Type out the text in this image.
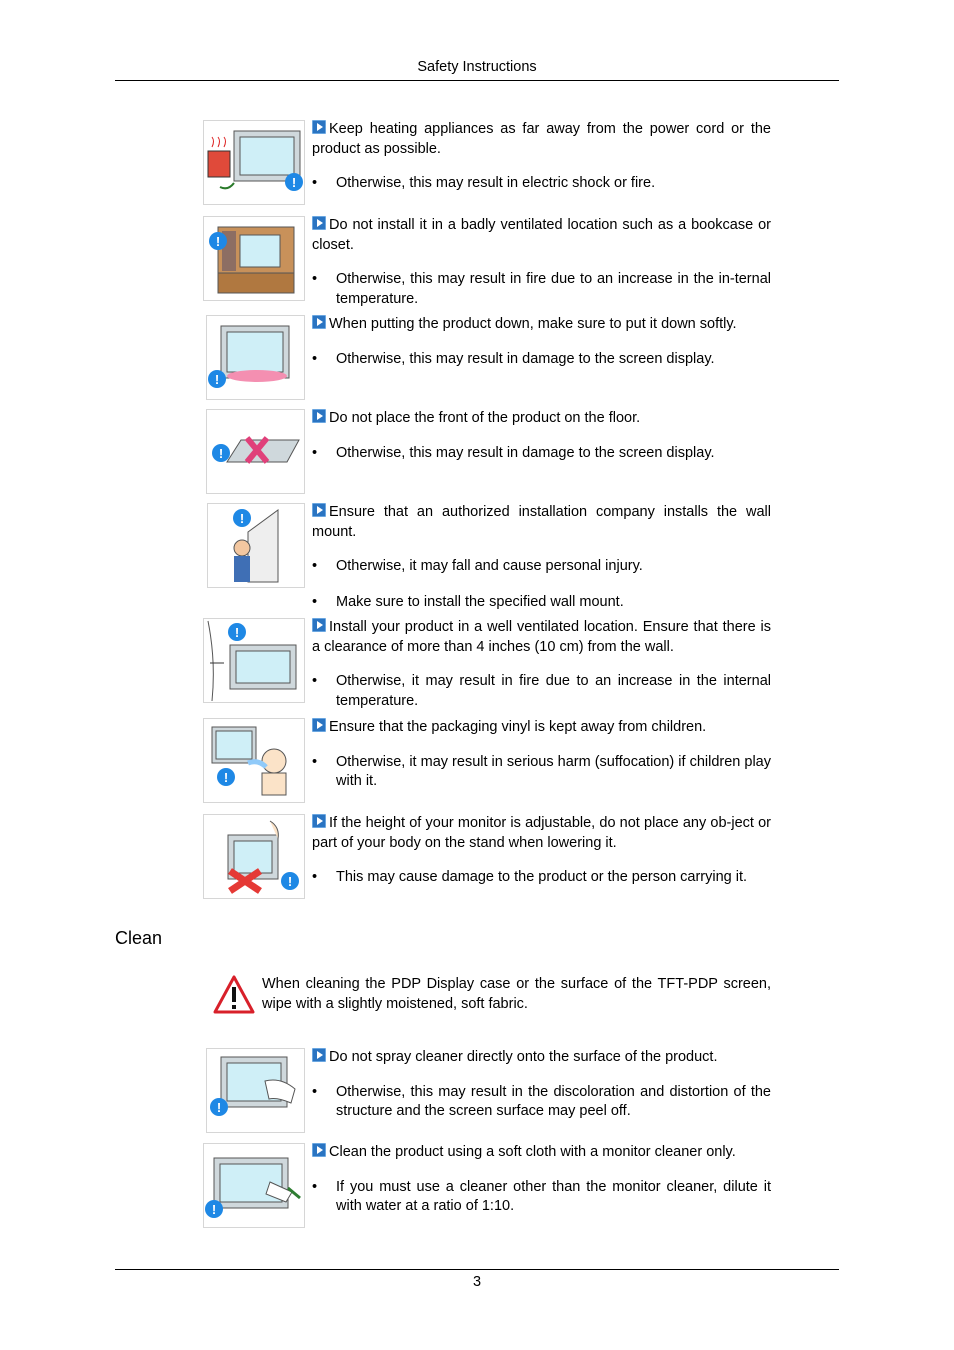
Safety Instructions
!

Keep heating appliances as far away from the power cord or the product as possible.

• Otherwise, this may result in electric shock or fire.
!

Do not install it in a badly ventilated location such as a bookcase or closet.

• Otherwise, this may result in fire due to an increase in the in-ternal temperature.
!

When putting the product down, make sure to put it down softly.

• Otherwise, this may result in damage to the screen display.
!

Do not place the front of the product on the floor.

• Otherwise, this may result in damage to the screen display.
!	Ensure that an authorized installation company installs the wall mount.

• Otherwise, it may fall and cause personal injury.
• Make sure to install the specified wall mount.
!	Install your product in a well ventilated location. Ensure that there is a clearance of more than 4 inches (10 cm) from the wall.

• Otherwise, it may result in fire due to an increase in the internal temperature.
!

Ensure that the packaging vinyl is kept away from children.

• Otherwise, it may result in serious harm (suffocation) if children play with it.
!

If the height of your monitor is adjustable, do not place any ob-ject or part of your body on the stand when lowering it.

• This may cause damage to the product or the person carrying it.
Clean

When cleaning the PDP Display case or the surface of the TFT-PDP screen, wipe with a slightly moistened, soft fabric.

!

Do not spray cleaner directly onto the surface of the product.

• Otherwise, this may result in the discoloration and distortion of the structure and the screen surface may peel off.
!

Clean the product using a soft cloth with a monitor cleaner only.

• If you must use a cleaner other than the monitor cleaner, dilute it with water at a ratio of 1:10.
3
